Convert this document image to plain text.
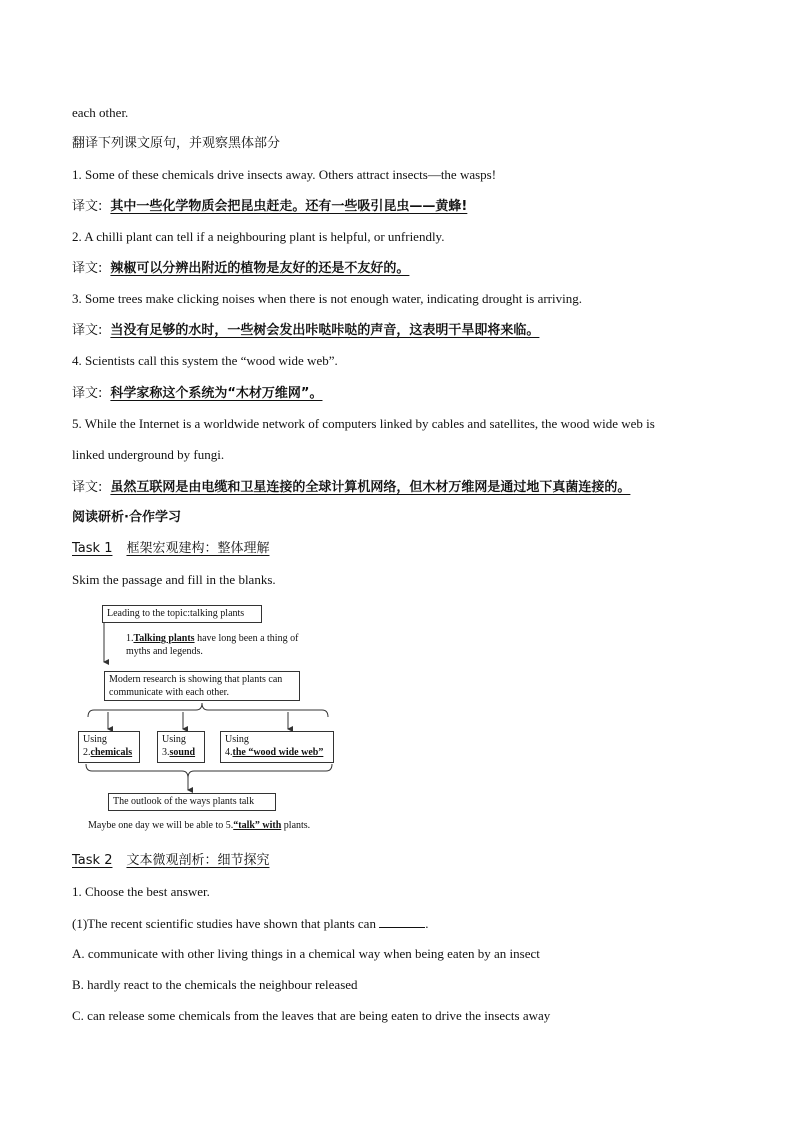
each other.
翻译下列课文原句，并观察黑体部分
1. Some of these chemicals drive insects away. Others attract insects—the wasps!
译文: 其中一些化学物质会把昆虫赶走。还有一些吸引昆虫——黄蜂!
2. A chilli plant can tell if a neighbouring plant is helpful, or unfriendly.
译文: 辣椒可以分辨出附近的植物是友好的还是不友好的。
3. Some trees make clicking noises when there is not enough water, indicating drought is arriving.
译文: 当没有足够的水时，一些树会发出咔哒咔哒的声音，这表明干旱即将来临。
4. Scientists call this system the “wood wide web”.
译文: 科学家称这个系统为“木材万维网”。
5. While the Internet is a worldwide network of computers linked by cables and satellites, the wood wide web is
linked underground by fungi.
译文: 虽然互联网是由电缆和卫星连接的全球计算机网络，但木材万维网是通过地下真菌连接的。
阅读研析·合作学习
Task 1 框架宏观建构：整体理解
Skim the passage and fill in the blanks.
Leading to the topic:talking plants
1.Talking plants have long been a thing of
myths and legends.
Modern research is showing that plants can
communicate with each other.
Using
2.chemicals
Using
3.sound
Using
4.the “wood wide web”
The outlook of the ways plants talk
Maybe one day we will be able to 5.“talk” with plants.
Task 2 文本微观剖析：细节探究
1. Choose the best answer.
(1)The recent scientific studies have shown that plants can	.
A. communicate with other living things in a chemical way when being eaten by an insect
B. hardly react to the chemicals the neighbour released
C. can release some chemicals from the leaves that are being eaten to drive the insects away
